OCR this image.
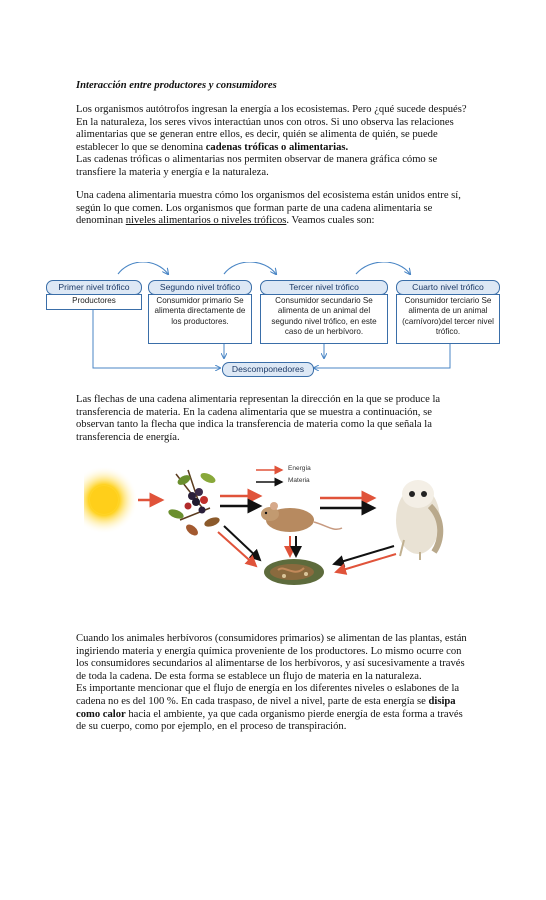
Interacción entre productores y consumidores

Los organismos autótrofos ingresan la energía a los ecosistemas. Pero ¿qué sucede después? En la naturaleza, los seres vivos interactúan unos con otros. Si uno observa las relaciones alimentarias que se generan entre ellos, es decir, quién se alimenta de quién, se puede establecer lo que se denomina cadenas tróficas o alimentarias.
Las cadenas tróficas o alimentarias nos permiten observar de manera gráfica cómo se transfiere la materia y energía e la naturaleza.

Una cadena alimentaria muestra cómo los organismos del ecosistema están unidos entre sí, según lo que comen. Los organismos que forman parte de una cadena alimentaria se denominan niveles alimentarios o niveles tróficos. Veamos cuales son:

Primer nivel trófico
Productores
Segundo nivel trófico
Consumidor primario Se alimenta directamente de los productores.
Tercer nivel trófico
Consumidor secundario Se alimenta de un animal del segundo nivel trófico, en este caso de un herbívoro.
Cuarto nivel trófico
Consumidor terciario Se alimenta de un animal (carnívoro)del tercer nivel trófico.
Descomponedores

Las flechas de una cadena alimentaria representan la dirección en la que se produce la transferencia de materia. En la cadena alimentaria que se muestra a continuación, se observan tanto la flecha que indica la transferencia de materia como la que señala la transferencia de energía.

Energía
Materia

Cuando los animales herbívoros (consumidores primarios) se alimentan de las plantas, están ingiriendo materia y energía química proveniente de los productores. Lo mismo ocurre con los consumidores secundarios al alimentarse de los herbívoros, y así sucesivamente a través de toda la cadena. De esta forma se establece un flujo de materia en la naturaleza.
Es importante mencionar que el flujo de energía en los diferentes niveles o eslabones de la cadena no es del 100 %. En cada traspaso, de nivel a nivel, parte de esta energía se disipa como calor hacia el ambiente, ya que cada organismo pierde energía de esta forma a través de su cuerpo, como por ejemplo, en el proceso de transpiración.
